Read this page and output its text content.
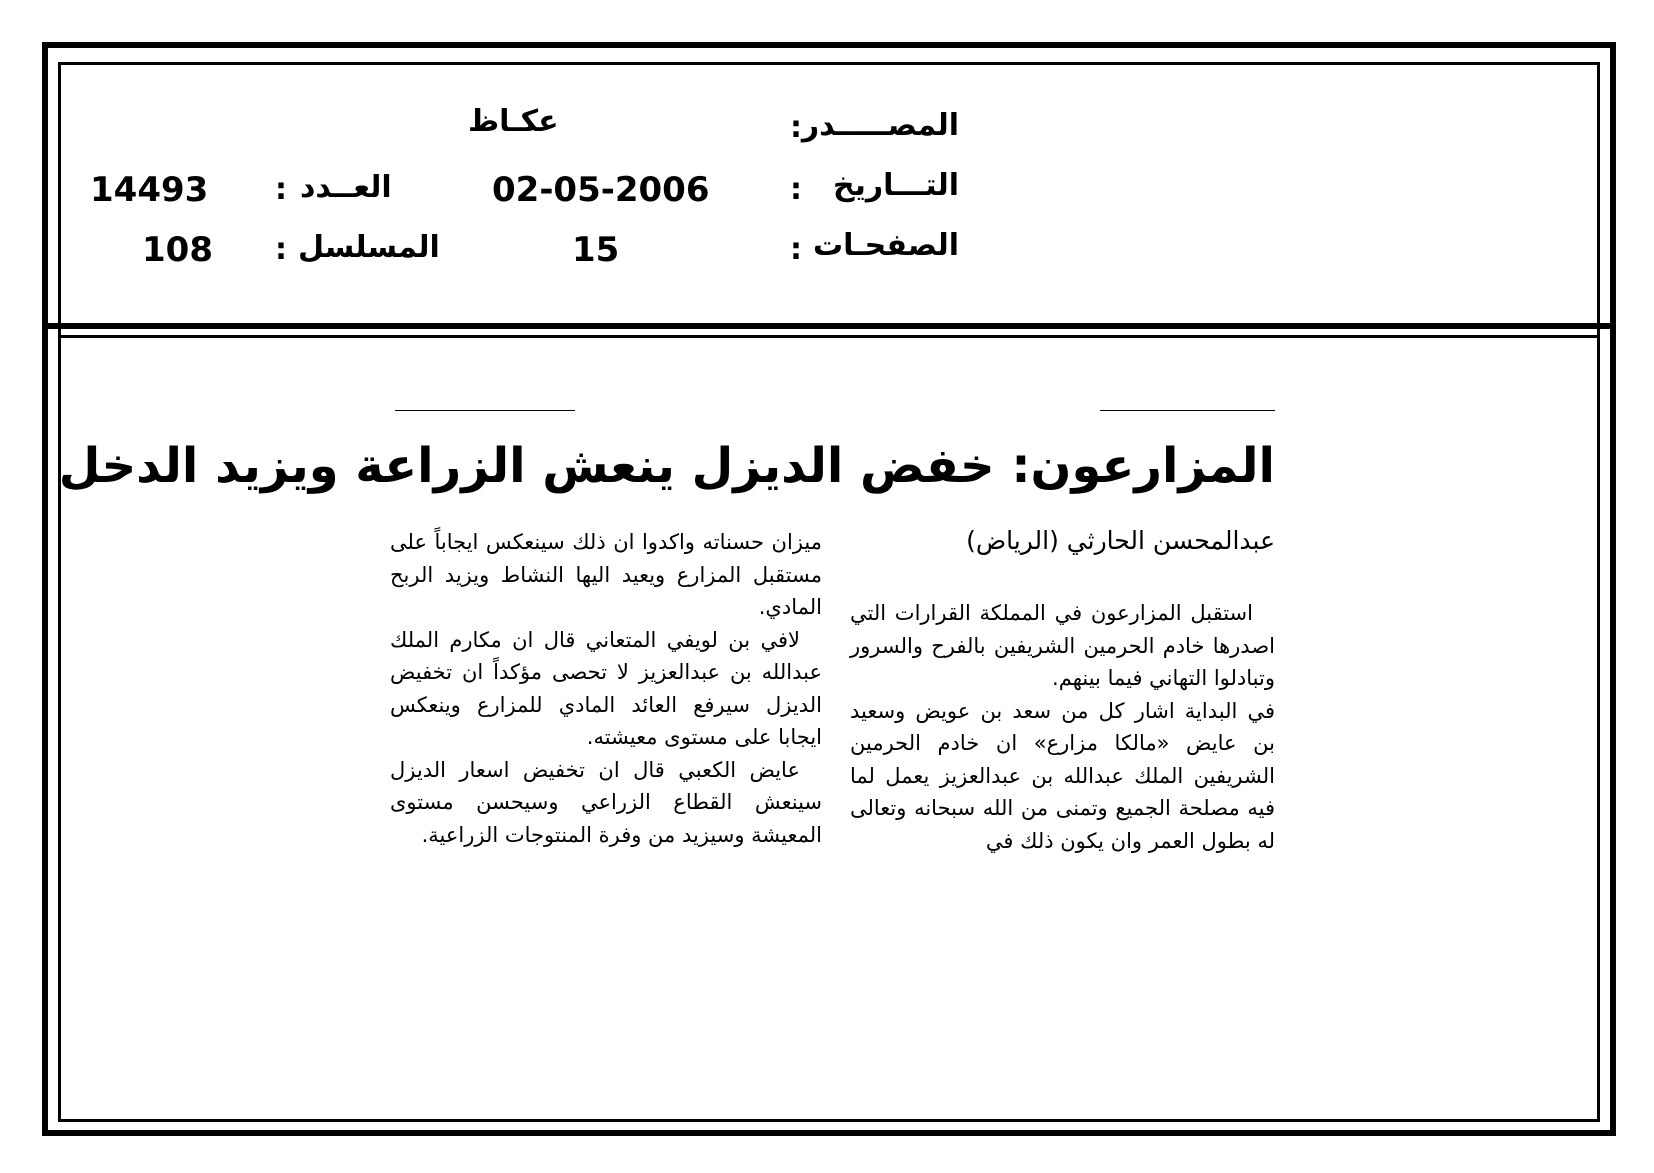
المصـــــدر
:
عكـاظ
التـــاريخ
:
02-05-2006
العــدد
:
14493
الصفحـات
:
15
المسلسل
:
108
المزارعون: خفض الديزل ينعش الزراعة ويزيد الدخل
عبدالمحسن الحارثي (الرياض)

استقبل المزارعون في المملكة القرارات التي اصدرها خادم الحرمين الشريفين بالفرح والسرور وتبادلوا التهاني فيما بينهم.

في البداية اشار كل من سعد بن عويض وسعيد بن عايض «مالكا مزارع» ان خادم الحرمين الشريفين الملك عبدالله بن عبدالعزيز يعمل لما فيه مصلحة الجميع وتمنى من الله سبحانه وتعالى له بطول العمر وان يكون ذلك في

ميزان حسناته واكدوا ان ذلك سينعكس ايجاباً على مستقبل المزارع ويعيد اليها النشاط ويزيد الربح المادي.

لافي بن لويفي المتعاني قال ان مكارم الملك عبدالله بن عبدالعزيز لا تحصى مؤكداً ان تخفيض الديزل سيرفع العائد المادي للمزارع وينعكس ايجابا على مستوى معيشته.

عايض الكعبي قال ان تخفيض اسعار الديزل سينعش القطاع الزراعي وسيحسن مستوى المعيشة وسيزيد من وفرة المنتوجات الزراعية.
